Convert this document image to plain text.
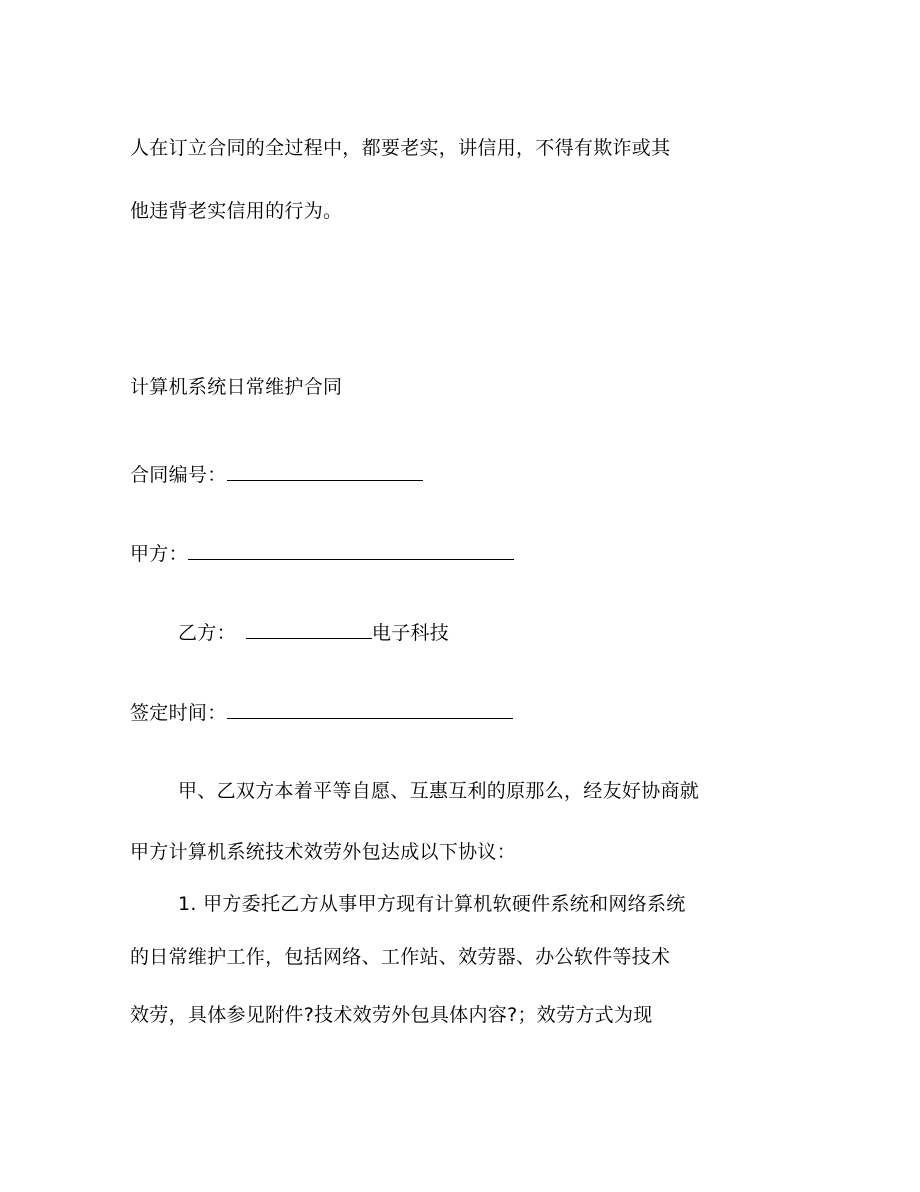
人在订立合同的全过程中，都要老实，讲信用，不得有欺诈或其
他违背老实信用的行为。
计算机系统日常维护合同
合同编号：
甲方：
乙方：	电子科技
签定时间：
甲、乙双方本着平等自愿、互惠互利的原那么，经友好协商就
甲方计算机系统技术效劳外包达成以下协议：
1. 甲方委托乙方从事甲方现有计算机软硬件系统和网络系统
的日常维护工作，包括网络、工作站、效劳器、办公软件等技术
效劳，具体参见附件?技术效劳外包具体内容?；效劳方式为现
